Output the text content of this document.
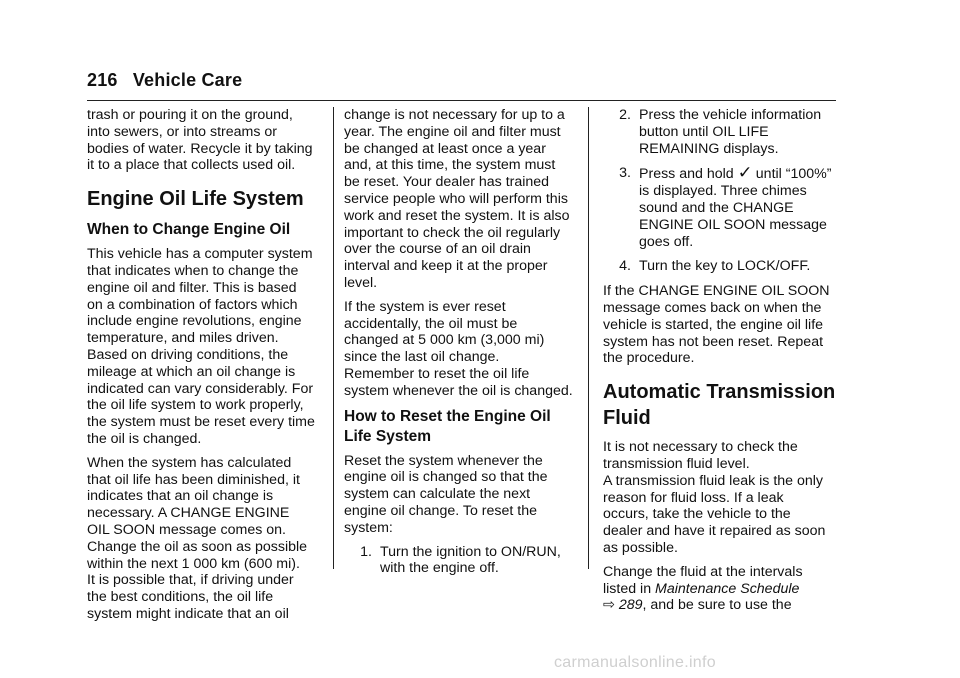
216 Vehicle Care

trash or pouring it on the ground,
into sewers, or into streams or
bodies of water. Recycle it by taking
it to a place that collects used oil.

Engine Oil Life System
When to Change Engine Oil

This vehicle has a computer system
that indicates when to change the
engine oil and filter. This is based
on a combination of factors which
include engine revolutions, engine
temperature, and miles driven.
Based on driving conditions, the
mileage at which an oil change is
indicated can vary considerably. For
the oil life system to work properly,
the system must be reset every time
the oil is changed.

When the system has calculated
that oil life has been diminished, it
indicates that an oil change is
necessary. A CHANGE ENGINE
OIL SOON message comes on.
Change the oil as soon as possible
within the next 1 000 km (600 mi).
It is possible that, if driving under
the best conditions, the oil life
system might indicate that an oil

change is not necessary for up to a
year. The engine oil and filter must
be changed at least once a year
and, at this time, the system must
be reset. Your dealer has trained
service people who will perform this
work and reset the system. It is also
important to check the oil regularly
over the course of an oil drain
interval and keep it at the proper
level.

If the system is ever reset
accidentally, the oil must be
changed at 5 000 km (3,000 mi)
since the last oil change.
Remember to reset the oil life
system whenever the oil is changed.

How to Reset the Engine Oil
Life System

Reset the system whenever the
engine oil is changed so that the
system can calculate the next
engine oil change. To reset the
system:

1. Turn the ignition to ON/RUN,
with the engine off.
2. Press the vehicle information
button until OIL LIFE
REMAINING displays.
3. Press and hold ✓ until “100%”
is displayed. Three chimes
sound and the CHANGE
ENGINE OIL SOON message
goes off.
4. Turn the key to LOCK/OFF.

If the CHANGE ENGINE OIL SOON
message comes back on when the
vehicle is started, the engine oil life
system has not been reset. Repeat
the procedure.

Automatic Transmission
Fluid

It is not necessary to check the
transmission fluid level.
A transmission fluid leak is the only
reason for fluid loss. If a leak
occurs, take the vehicle to the
dealer and have it repaired as soon
as possible.

Change the fluid at the intervals
listed in Maintenance Schedule
⇨ 289, and be sure to use the

carmanualsonline.info
